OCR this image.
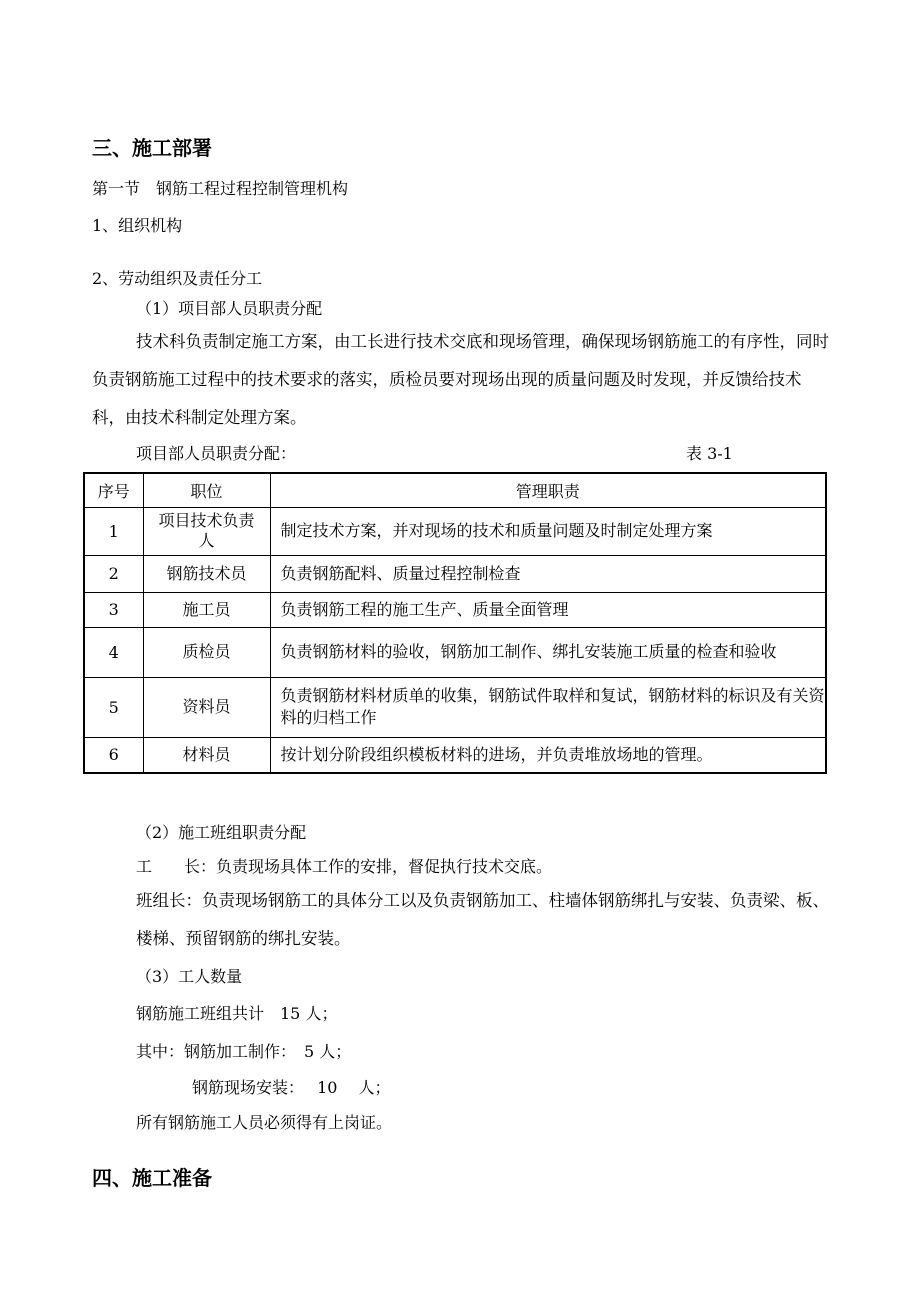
三、施工部署
第一节　钢筋工程过程控制管理机构
1、组织机构
2、劳动组织及责任分工
（1）项目部人员职责分配
技术科负责制定施工方案，由工长进行技术交底和现场管理，确保现场钢筋施工的有序性，同时负责钢筋施工过程中的技术要求的落实，质检员要对现场出现的质量问题及时发现，并反馈给技术科，由技术科制定处理方案。
项目部人员职责分配：	表 3-1
序号	职位	管理职责
1	项目技术负责人	制定技术方案，并对现场的技术和质量问题及时制定处理方案
2	钢筋技术员	负责钢筋配料、质量过程控制检查
3	施工员	负责钢筋工程的施工生产、质量全面管理
4	质检员	负责钢筋材料的验收，钢筋加工制作、绑扎安装施工质量的检查和验收
5	资料员	负责钢筋材料材质单的收集，钢筋试件取样和复试，钢筋材料的标识及有关资料的归档工作
6	材料员	按计划分阶段组织模板材料的进场，并负责堆放场地的管理。
（2）施工班组职责分配
工　　长：负责现场具体工作的安排，督促执行技术交底。
班组长：负责现场钢筋工的具体分工以及负责钢筋加工、柱墙体钢筋绑扎与安装、负责梁、板、楼梯、预留钢筋的绑扎安装。
（3）工人数量
钢筋施工班组共计　15 人；
其中：钢筋加工制作：　5 人；
钢筋现场安装：　 10　 人；
所有钢筋施工人员必须得有上岗证。
四、施工准备
